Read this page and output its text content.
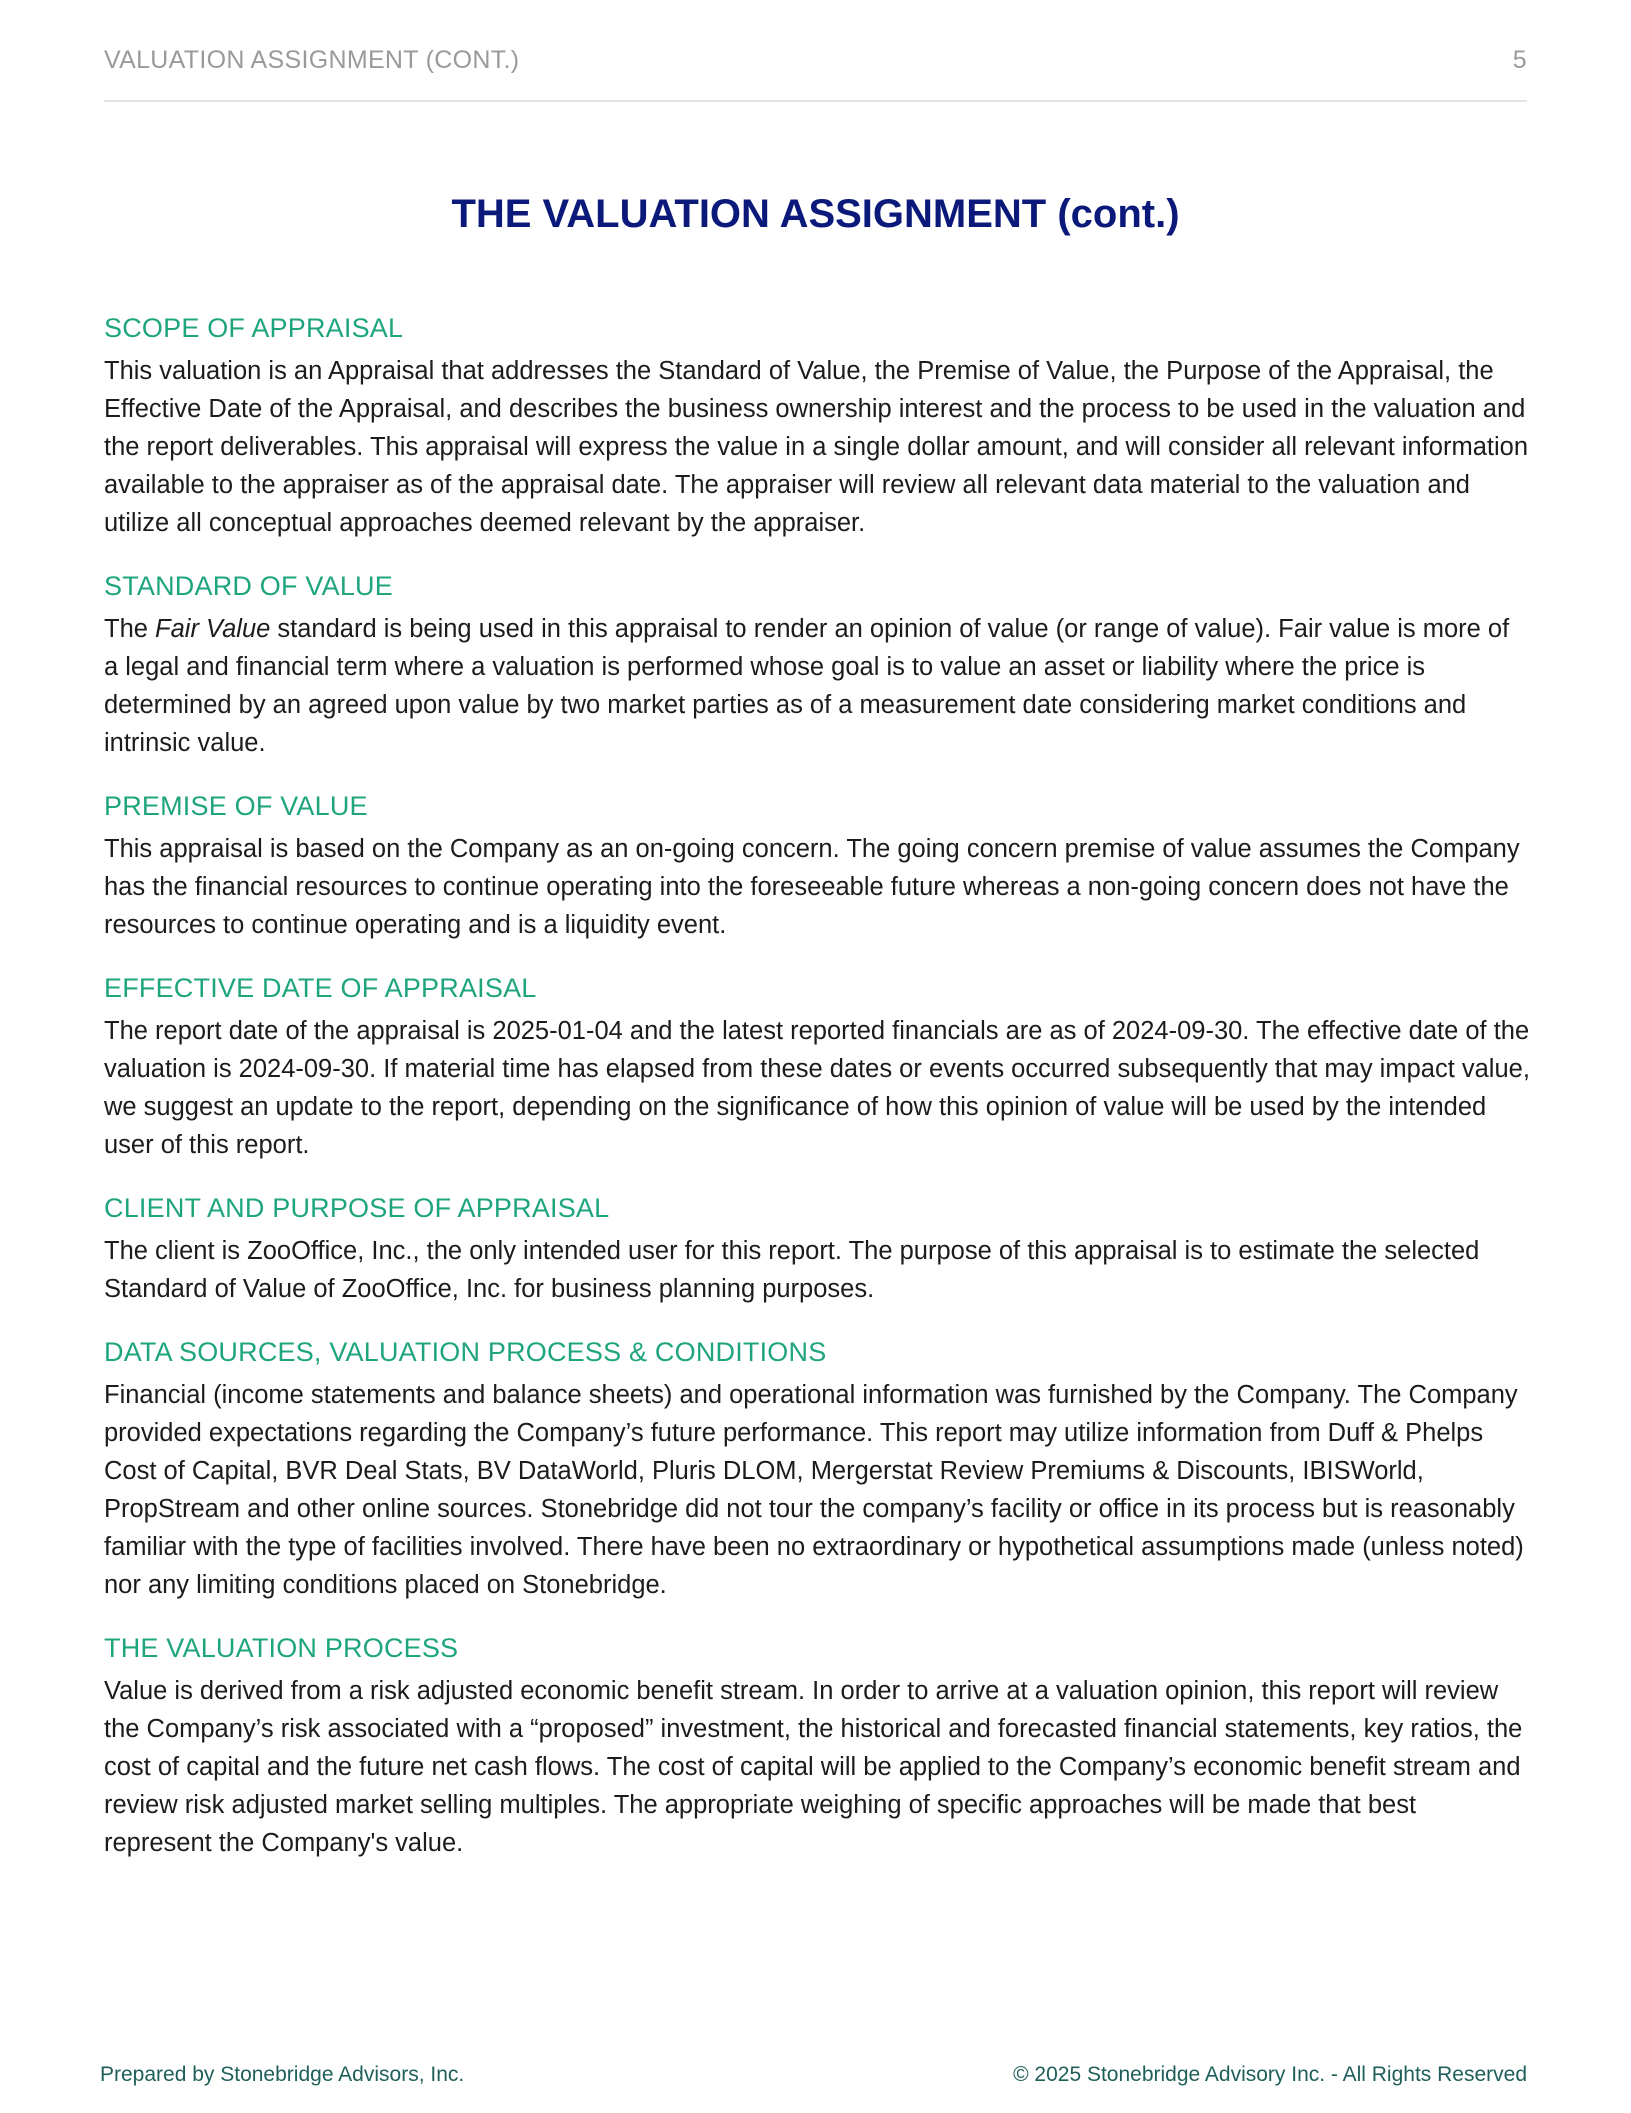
VALUATION ASSIGNMENT (CONT.)	5
THE VALUATION ASSIGNMENT (cont.)
SCOPE OF APPRAISAL

This valuation is an Appraisal that addresses the Standard of Value, the Premise of Value, the Purpose of the Appraisal, the Effective Date of the Appraisal, and describes the business ownership interest and the process to be used in the valuation and the report deliverables. This appraisal will express the value in a single dollar amount, and will consider all relevant information available to the appraiser as of the appraisal date. The appraiser will review all relevant data material to the valuation and utilize all conceptual approaches deemed relevant by the appraiser.

STANDARD OF VALUE

The Fair Value standard is being used in this appraisal to render an opinion of value (or range of value). Fair value is more of a legal and financial term where a valuation is performed whose goal is to value an asset or liability where the price is determined by an agreed upon value by two market parties as of a measurement date considering market conditions and intrinsic value.

PREMISE OF VALUE

This appraisal is based on the Company as an on-going concern. The going concern premise of value assumes the Company has the financial resources to continue operating into the foreseeable future whereas a non-going concern does not have the resources to continue operating and is a liquidity event.

EFFECTIVE DATE OF APPRAISAL

The report date of the appraisal is 2025-01-04 and the latest reported financials are as of 2024-09-30. The effective date of the valuation is 2024-09-30. If material time has elapsed from these dates or events occurred subsequently that may impact value, we suggest an update to the report, depending on the significance of how this opinion of value will be used by the intended user of this report.

CLIENT AND PURPOSE OF APPRAISAL

The client is ZooOffice, Inc., the only intended user for this report. The purpose of this appraisal is to estimate the selected Standard of Value of ZooOffice, Inc. for business planning purposes.

DATA SOURCES, VALUATION PROCESS & CONDITIONS

Financial (income statements and balance sheets) and operational information was furnished by the Company. The Company provided expectations regarding the Company’s future performance. This report may utilize information from Duff & Phelps Cost of Capital, BVR Deal Stats, BV DataWorld, Pluris DLOM, Mergerstat Review Premiums & Discounts, IBISWorld, PropStream and other online sources. Stonebridge did not tour the company’s facility or office in its process but is reasonably familiar with the type of facilities involved. There have been no extraordinary or hypothetical assumptions made (unless noted) nor any limiting conditions placed on Stonebridge.

THE VALUATION PROCESS

Value is derived from a risk adjusted economic benefit stream. In order to arrive at a valuation opinion, this report will review the Company’s risk associated with a “proposed” investment, the historical and forecasted financial statements, key ratios, the cost of capital and the future net cash flows. The cost of capital will be applied to the Company’s economic benefit stream and review risk adjusted market selling multiples. The appropriate weighing of specific approaches will be made that best represent the Company's value.

Prepared by Stonebridge Advisors, Inc.	© 2025 Stonebridge Advisory Inc. - All Rights Reserved
